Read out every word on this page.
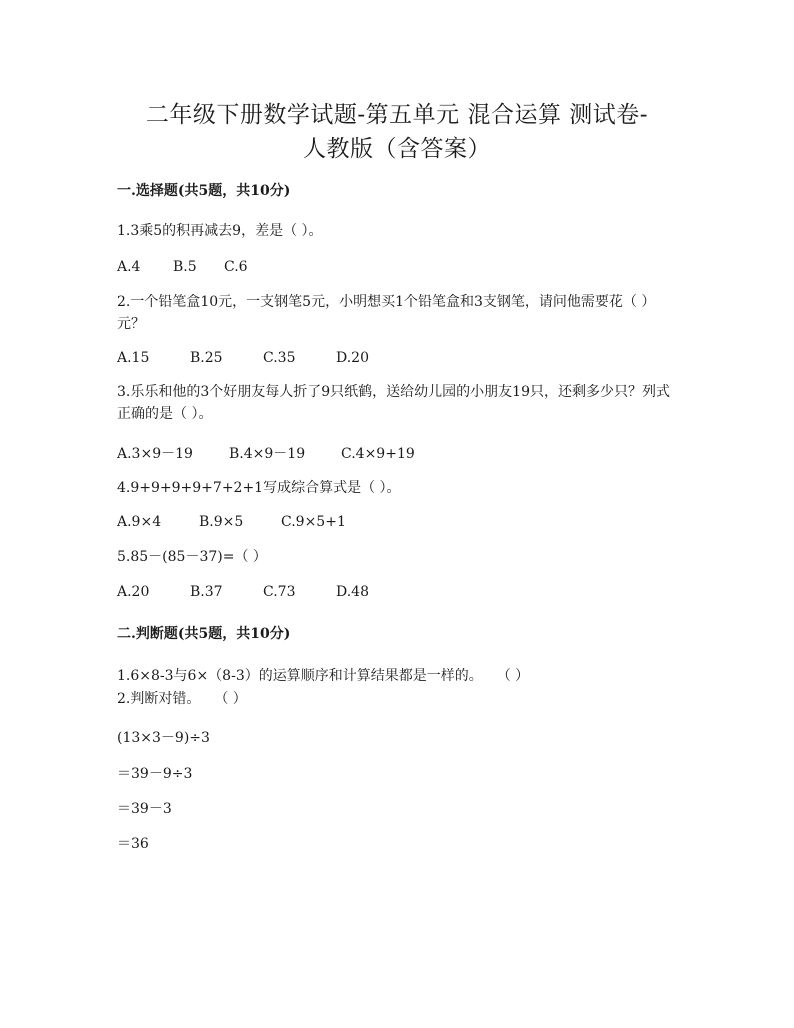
二年级下册数学试题-第五单元 混合运算 测试卷-
人教版（含答案）
一.选择题(共5题，共10分)
1.3乘5的积再减去9，差是（ ）。
A.4 B.5 C.6
2.一个铅笔盒10元，一支钢笔5元，小明想买1个铅笔盒和3支钢笔，请问他需要花（ ）元？
A.15	B.25	C.35	D.20
3.乐乐和他的3个好朋友每人折了9只纸鹤，送给幼儿园的小朋友19只，还剩多少只？列式正确的是（ ）。
A.3×9－19	B.4×9－19	C.4×9+19
4.9+9+9+9+7+2+1写成综合算式是（ ）。
A.9×4	B.9×5	C.9×5+1
5.85－(85－37)=（ ）
A.20	B.37	C.73	D.48
二.判断题(共5题，共10分)
1.6×8-3与6×（8-3）的运算顺序和计算结果都是一样的。　　（ ）
2.判断对错。　　（ ）
(13×3－9)÷3
＝39－9÷3
＝39－3
＝36
